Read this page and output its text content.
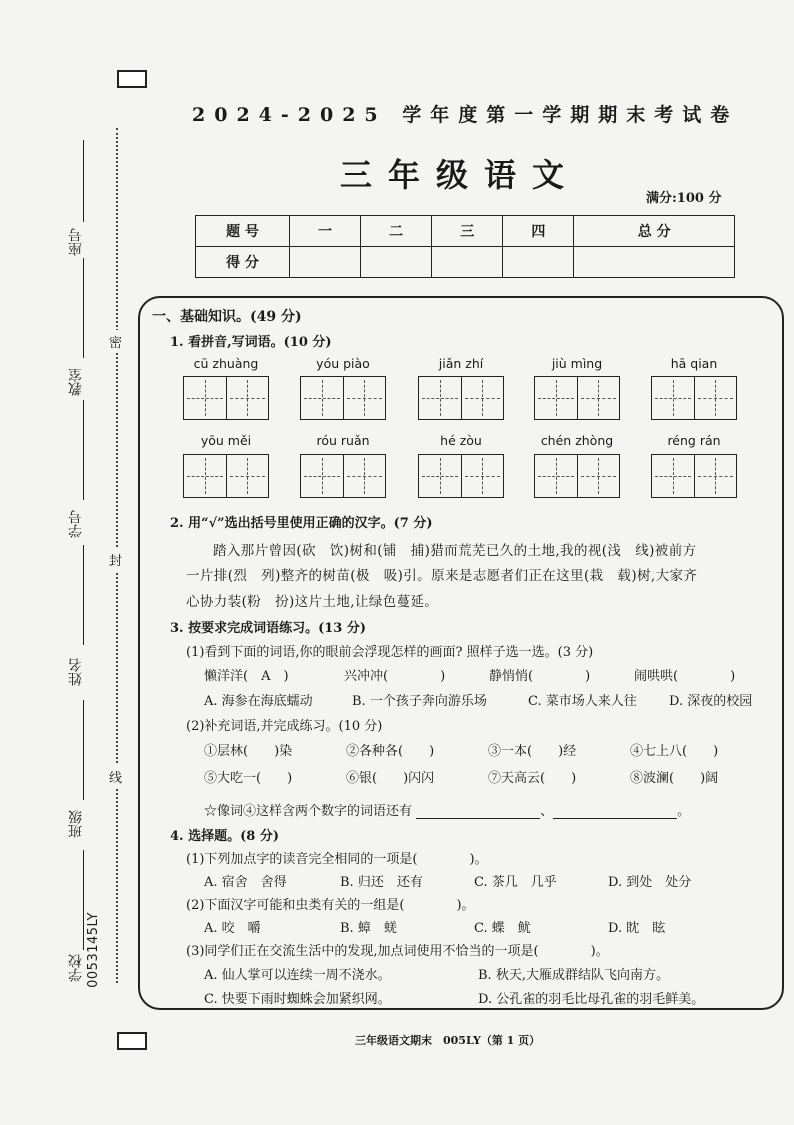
座号
教室
学号
姓名
班级
学校 0053145LY
密
封
线
2024-2025 学年度第一学期期末考试卷
三年级语文
满分:100 分
题 号	一	二	三	四	总 分
得 分					
一、基础知识。(49 分)
1. 看拼音,写词语。(10 分)
cū zhuàng	yóu piào	jiǎn zhí	jiù mìng	hā qian
yōu měi	róu ruǎn	hé zòu	chén zhòng	réng rán
2. 用“√”选出括号里使用正确的汉字。(7 分)
踏入那片曾因(砍　饮)树和(铺　捕)猎而荒芜已久的土地,我的视(浅　线)被前方
一片排(烈　列)整齐的树苗(极　吸)引。原来是志愿者们正在这里(栽　载)树,大家齐
心协力装(粉　扮)这片土地,让绿色蔓延。
3. 按要求完成词语练习。(13 分)
(1)看到下面的词语,你的眼前会浮现怎样的画面? 照样子选一选。(3 分)
懒洋洋(　A　)	兴冲冲(　　　　)	静悄悄(　　　　)	闹哄哄(　　　　)
A. 海参在海底蠕动	B. 一个孩子奔向游乐场	C. 菜市场人来人往 D. 深夜的校园
(2)补充词语,并完成练习。(10 分)
①层林(　　)染	②各种各(　　)	③一本(　　)经	④七上八(　　)
⑤大吃一(　　)	⑥银(　　)闪闪	⑦天高云(　　)	⑧波澜(　　)阔
☆像词④这样含两个数字的词语还有	、	。
4. 选择题。(8 分)
(1)下列加点字的读音完全相同的一项是(　　　　)。
A. 宿舍　舍得	B. 归还　还有	C. 茶几　几乎	D. 到处　处分
(2)下面汉字可能和虫类有关的一组是(　　　　)。
A. 咬　嚼	B. 蟑　蜣	C. 蝶　鱿	D. 眈　眩
(3)同学们正在交流生活中的发现,加点词使用不恰当的一项是(　　　　)。
A. 仙人掌可以连续一周不浇水。	B. 秋天,大雁成群结队飞向南方。
C. 快要下雨时蜘蛛会加紧织网。	D. 公孔雀的羽毛比母孔雀的羽毛鲜美。
三年级语文期末　005LY（第 1 页）
